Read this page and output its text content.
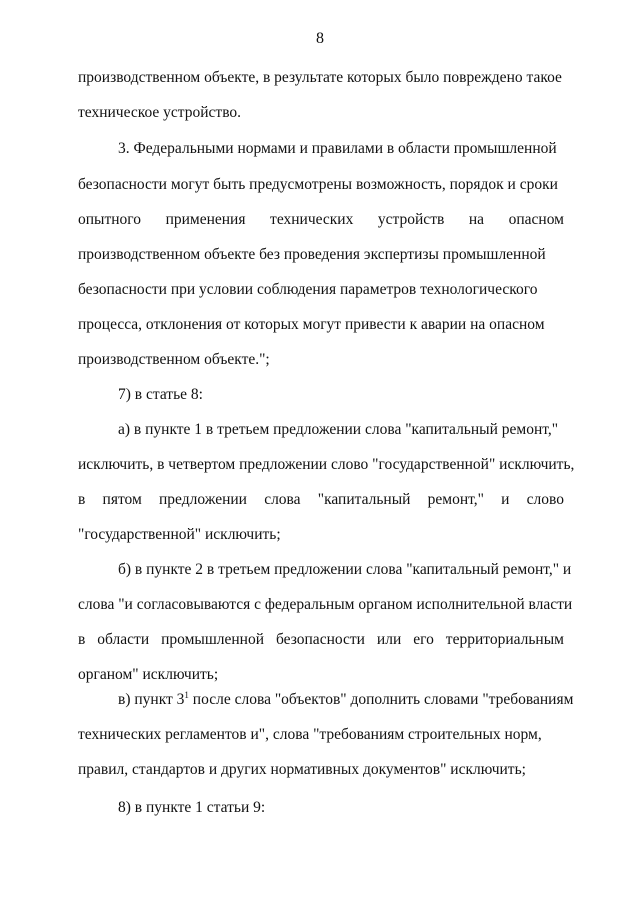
8
производственном объекте, в результате которых было повреждено такое
техническое устройство.
3. Федеральными нормами и правилами в области промышленной
безопасности могут быть предусмотрены возможность, порядок и сроки
опытного применения технических устройств на опасном
производственном объекте без проведения экспертизы промышленной
безопасности при условии соблюдения параметров технологического
процесса, отклонения от которых могут привести к аварии на опасном
производственном объекте.";
7) в статье 8:
а) в пункте 1 в третьем предложении слова "капитальный ремонт,"
исключить, в четвертом предложении слово "государственной" исключить,
в пятом предложении слова "капитальный ремонт," и слово
"государственной" исключить;
б) в пункте 2 в третьем предложении слова "капитальный ремонт," и
слова "и согласовываются с федеральным органом исполнительной власти
в области промышленной безопасности или его территориальным
органом" исключить;
в) пункт $3^1$ после слова "объектов" дополнить словами "требованиям
технических регламентов и", слова "требованиям строительных норм,
правил, стандартов и других нормативных документов" исключить;
8) в пункте 1 статьи 9:
